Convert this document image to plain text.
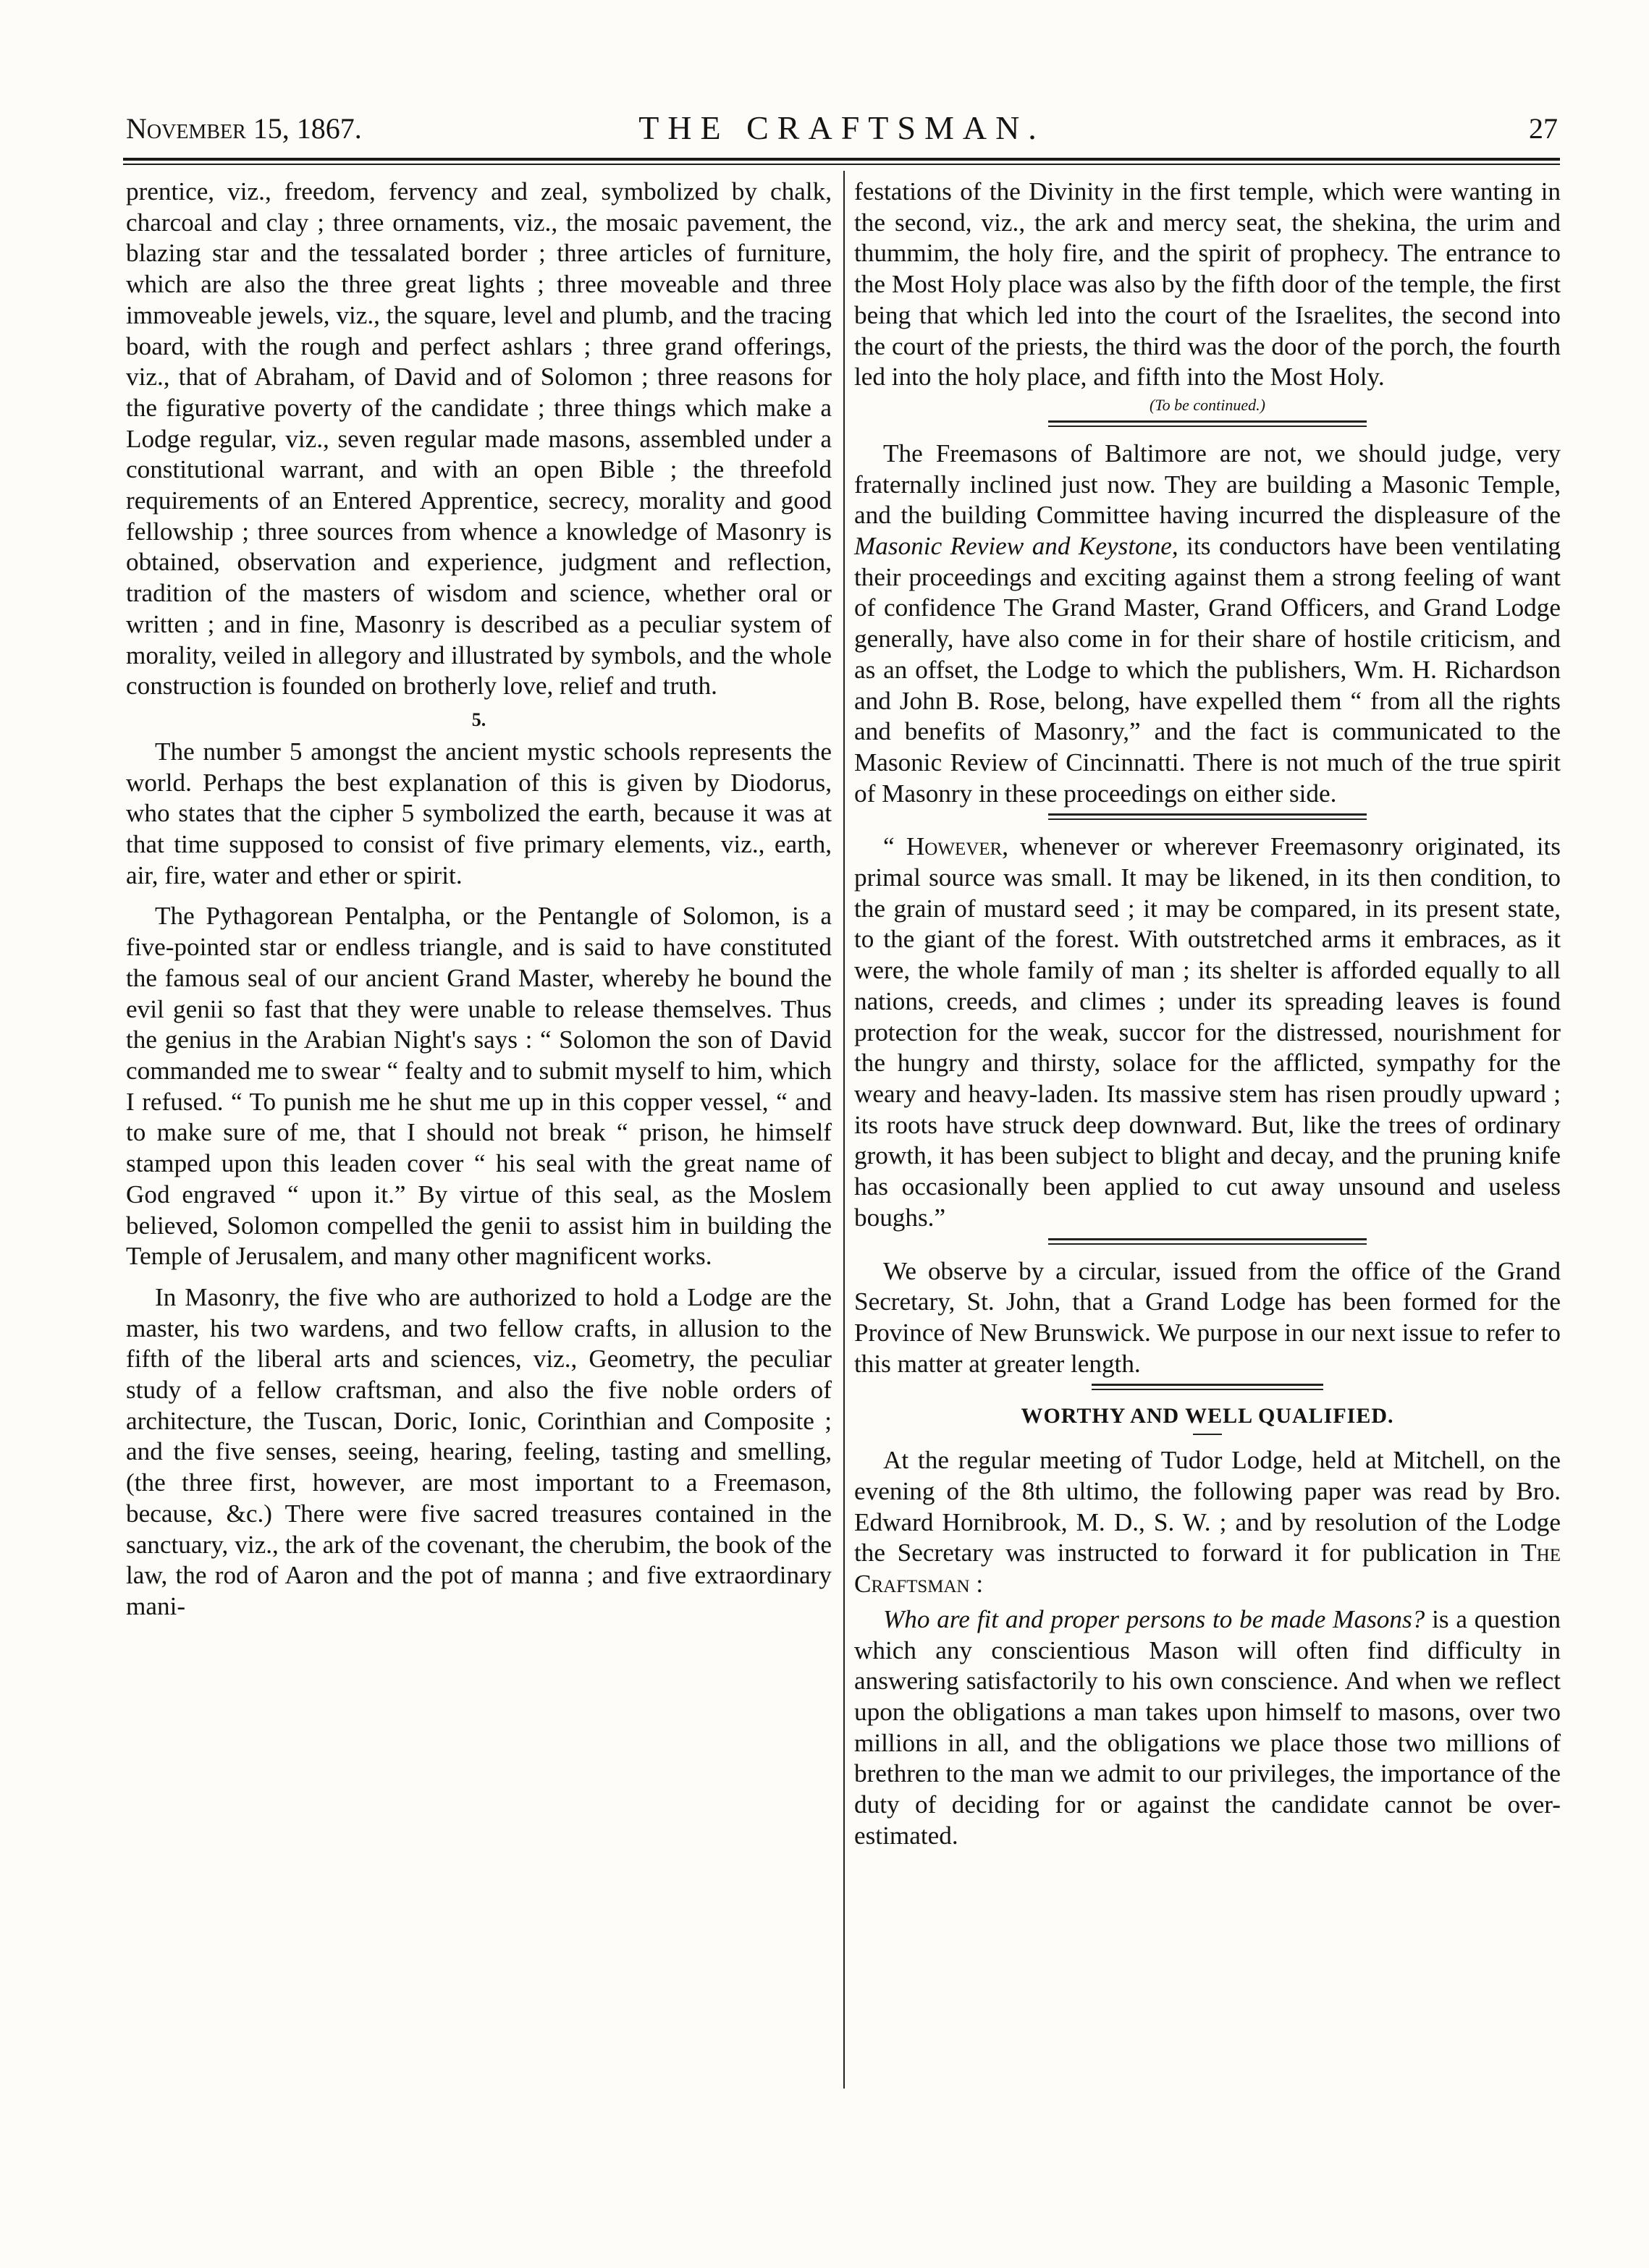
November 15, 1867.	THE CRAFTSMAN.	27

prentice, viz., freedom, fervency and zeal, symbolized by chalk, charcoal and clay ; three ornaments, viz., the mosaic pavement, the blazing star and the tessalated border ; three articles of furniture, which are also the three great lights ; three moveable and three immoveable jewels, viz., the square, level and plumb, and the tracing board, with the rough and perfect ashlars ; three grand offerings, viz., that of Abraham, of David and of Solomon ; three reasons for the figurative poverty of the candidate ; three things which make a Lodge regular, viz., seven regular made masons, assembled under a constitutional warrant, and with an open Bible ; the threefold requirements of an Entered Apprentice, secrecy, morality and good fellowship ; three sources from whence a knowledge of Masonry is obtained, observation and experience, judgment and reflection, tradition of the masters of wisdom and science, whether oral or written ; and in fine, Masonry is described as a peculiar system of morality, veiled in allegory and illustrated by symbols, and the whole construction is founded on brotherly love, relief and truth.

5.

The number 5 amongst the ancient mystic schools represents the world. Perhaps the best explanation of this is given by Diodorus, who states that the cipher 5 symbolized the earth, because it was at that time supposed to consist of five primary elements, viz., earth, air, fire, water and ether or spirit.

The Pythagorean Pentalpha, or the Pentangle of Solomon, is a five-pointed star or endless triangle, and is said to have constituted the famous seal of our ancient Grand Master, whereby he bound the evil genii so fast that they were unable to release themselves. Thus the genius in the Arabian Night's says : “ Solomon the son of David commanded me to swear “ fealty and to submit myself to him, which I refused. “ To punish me he shut me up in this copper vessel, “ and to make sure of me, that I should not break “ prison, he himself stamped upon this leaden cover “ his seal with the great name of God engraved “ upon it.” By virtue of this seal, as the Moslem believed, Solomon compelled the genii to assist him in building the Temple of Jerusalem, and many other magnificent works.

In Masonry, the five who are authorized to hold a Lodge are the master, his two wardens, and two fellow crafts, in allusion to the fifth of the liberal arts and sciences, viz., Geometry, the peculiar study of a fellow craftsman, and also the five noble orders of architecture, the Tuscan, Doric, Ionic, Corinthian and Composite ; and the five senses, seeing, hearing, feeling, tasting and smelling, (the three first, however, are most important to a Freemason, because, &c.) There were five sacred treasures contained in the sanctuary, viz., the ark of the covenant, the cherubim, the book of the law, the rod of Aaron and the pot of manna ; and five extraordinary mani-

festations of the Divinity in the first temple, which were wanting in the second, viz., the ark and mercy seat, the shekina, the urim and thummim, the holy fire, and the spirit of prophecy. The entrance to the Most Holy place was also by the fifth door of the temple, the first being that which led into the court of the Israelites, the second into the court of the priests, the third was the door of the porch, the fourth led into the holy place, and fifth into the Most Holy.

(To be continued.)

The Freemasons of Baltimore are not, we should judge, very fraternally inclined just now. They are building a Masonic Temple, and the building Committee having incurred the displeasure of the Masonic Review and Keystone, its conductors have been ventilating their proceedings and exciting against them a strong feeling of want of confidence The Grand Master, Grand Officers, and Grand Lodge generally, have also come in for their share of hostile criticism, and as an offset, the Lodge to which the publishers, Wm. H. Richardson and John B. Rose, belong, have expelled them “ from all the rights and benefits of Masonry,” and the fact is communicated to the Masonic Review of Cincinnatti. There is not much of the true spirit of Masonry in these proceedings on either side.

“ However, whenever or wherever Freemasonry originated, its primal source was small. It may be likened, in its then condition, to the grain of mustard seed ; it may be compared, in its present state, to the giant of the forest. With outstretched arms it embraces, as it were, the whole family of man ; its shelter is afforded equally to all nations, creeds, and climes ; under its spreading leaves is found protection for the weak, succor for the distressed, nourishment for the hungry and thirsty, solace for the afflicted, sympathy for the weary and heavy-laden. Its massive stem has risen proudly upward ; its roots have struck deep downward. But, like the trees of ordinary growth, it has been subject to blight and decay, and the pruning knife has occasionally been applied to cut away unsound and useless boughs.”

We observe by a circular, issued from the office of the Grand Secretary, St. John, that a Grand Lodge has been formed for the Province of New Brunswick. We purpose in our next issue to refer to this matter at greater length.

WORTHY AND WELL QUALIFIED.

At the regular meeting of Tudor Lodge, held at Mitchell, on the evening of the 8th ultimo, the following paper was read by Bro. Edward Hornibrook, M. D., S. W. ; and by resolution of the Lodge the Secretary was instructed to forward it for publication in The Craftsman :

Who are fit and proper persons to be made Masons? is a question which any conscientious Mason will often find difficulty in answering satisfactorily to his own conscience. And when we reflect upon the obligations a man takes upon himself to masons, over two millions in all, and the obligations we place those two millions of brethren to the man we admit to our privileges, the importance of the duty of deciding for or against the candidate cannot be over-estimated.
